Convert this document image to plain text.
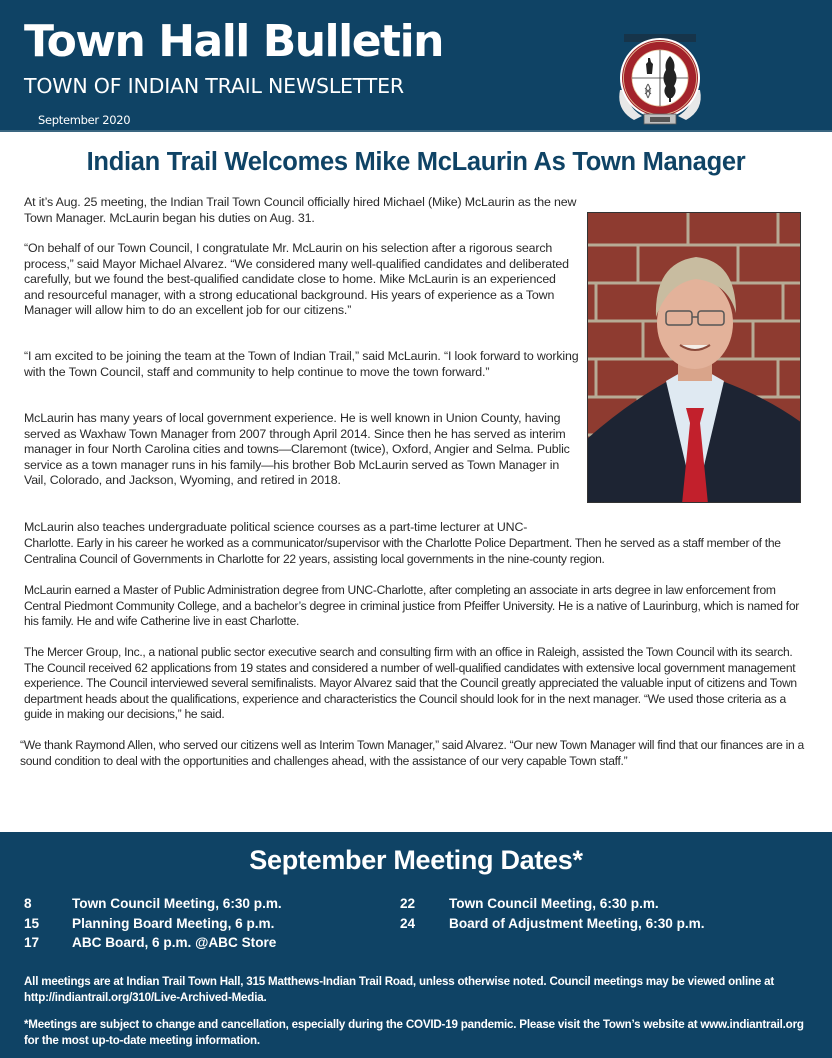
Town Hall Bulletin
TOWN OF INDIAN TRAIL NEWSLETTER
September 2020
Indian Trail Welcomes Mike McLaurin As Town Manager

At it’s Aug. 25 meeting, the Indian Trail Town Council officially hired Michael (Mike) McLaurin as the new Town Manager. McLaurin began his duties on Aug. 31.

“On behalf of our Town Council, I congratulate Mr. McLaurin on his selection after a rigorous search process,” said Mayor Michael Alvarez. “We considered many well-qualified candidates and deliberated carefully, but we found the best-qualified candidate close to home. Mike McLaurin is an experienced and resourceful manager, with a strong educational background. His years of experience as a Town Manager will allow him to do an excellent job for our citizens.”

“I am excited to be joining the team at the Town of Indian Trail,” said McLaurin. “I look forward to working with the Town Council, staff and community to help continue to move the town forward.”

McLaurin has many years of local government experience. He is well known in Union County, having served as Waxhaw Town Manager from 2007 through April 2014. Since then he has served as interim manager in four North Carolina cities and towns—Claremont (twice), Oxford, Angier and Selma. Public service as a town manager runs in his family—his brother Bob McLaurin served as Town Manager in Vail, Colorado, and Jackson, Wyoming, and retired in 2018.

McLaurin also teaches undergraduate political science courses as a part-time lecturer at UNC-

Charlotte. Early in his career he worked as a communicator/supervisor with the Charlotte Police Department. Then he served as a staff member of the Centralina Council of Governments in Charlotte for 22 years, assisting local governments in the nine-county region.

McLaurin earned a Master of Public Administration degree from UNC-Charlotte, after completing an associate in arts degree in law enforcement from Central Piedmont Community College, and a bachelor’s degree in criminal justice from Pfeiffer University. He is a native of Laurinburg, which is named for his family. He and wife Catherine live in east Charlotte.

The Mercer Group, Inc., a national public sector executive search and consulting firm with an office in Raleigh, assisted the Town Council with its search. The Council received 62 applications from 19 states and considered a number of well-qualified candidates with extensive local government management experience. The Council interviewed several semifinalists. Mayor Alvarez said that the Council greatly appreciated the valuable input of citizens and Town department heads about the qualifications, experience and characteristics the Council should look for in the next manager. “We used those criteria as a guide in making our decisions,” he said.

“We thank Raymond Allen, who served our citizens well as Interim Town Manager,” said Alvarez. “Our new Town Manager will find that our finances are in a sound condition to deal with the opportunities and challenges ahead, with the assistance of our very capable Town staff.”

September Meeting Dates*
8	Town Council Meeting, 6:30 p.m.
15 Planning Board Meeting, 6 p.m.
17 ABC Board, 6 p.m. @ABC Store
22 Town Council Meeting, 6:30 p.m.
24 Board of Adjustment Meeting, 6:30 p.m.

All meetings are at Indian Trail Town Hall, 315 Matthews-Indian Trail Road, unless otherwise noted. Council meetings may be viewed online at http://indiantrail.org/310/Live-Archived-Media.

*Meetings are subject to change and cancellation, especially during the COVID-19 pandemic. Please visit the Town’s website at www.indiantrail.org for the most up-to-date meeting information.
